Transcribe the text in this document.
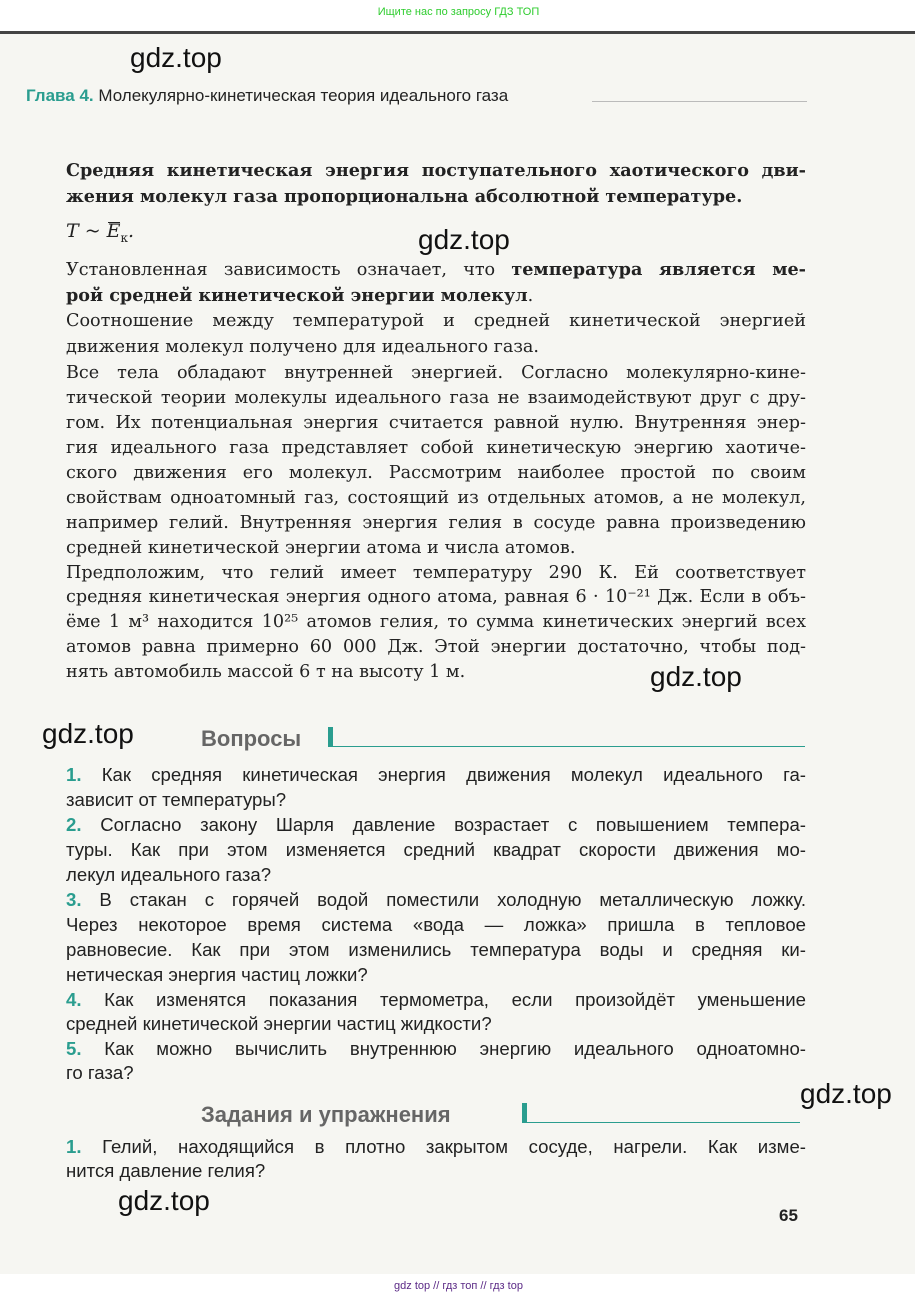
Ищите нас по запросу ГДЗ ТОП
Глава 4. Молекулярно-кинетическая теория идеального газа
T ~ $E_к$.
Средняя кинетическая энергия поступательного хаотического дви-
жения молекул газа пропорциональна абсолютной температуре.
Установленная зависимость означает, что температура является ме-
рой средней кинетической энергии молекул.
Соотношение между температурой и средней кинетической энергией
движения молекул получено для идеального газа.
Все тела обладают внутренней энергией. Согласно молекулярно-кине-
тической теории молекулы идеального газа не взаимодействуют друг с дру-
гом. Их потенциальная энергия считается равной нулю. Внутренняя энер-
гия идеального газа представляет собой кинетическую энергию хаотиче-
ского движения его молекул. Рассмотрим наиболее простой по своим
свойствам одноатомный газ, состоящий из отдельных атомов, а не молекул,
например гелий. Внутренняя энергия гелия в сосуде равна произведению
средней кинетической энергии атома и числа атомов.
Предположим, что гелий имеет температуру 290 К. Ей соответствует
средняя кинетическая энергия одного атома, равная 6 · 10⁻²¹ Дж. Если в объ-
ёме 1 м³ находится 10²⁵ атомов гелия, то сумма кинетических энергий всех
атомов равна примерно 60 000 Дж. Этой энергии достаточно, чтобы под-
нять автомобиль массой 6 т на высоту 1 м.
Вопросы
1. Как средняя кинетическая энергия движения молекул идеального га-
зависит от температуры?
2. Согласно закону Шарля давление возрастает с повышением темпера-
туры. Как при этом изменяется средний квадрат скорости движения мо-
лекул идеального газа?
3. В стакан с горячей водой поместили холодную металлическую ложку.
Через некоторое время система «вода — ложка» пришла в тепловое
равновесие. Как при этом изменились температура воды и средняя ки-
нетическая энергия частиц ложки?
4. Как изменятся показания термометра, если произойдёт уменьшение
средней кинетической энергии частиц жидкости?
5. Как можно вычислить внутреннюю энергию идеального одноатомно-
го газа?
Задания и упражнения
1. Гелий, находящийся в плотно закрытом сосуде, нагрели. Как изме-
нится давление гелия?
65
gdz.top
gdz.top
gdz.top
gdz.top
gdz.top
gdz.top
gdz top // гдз топ // гдз top
